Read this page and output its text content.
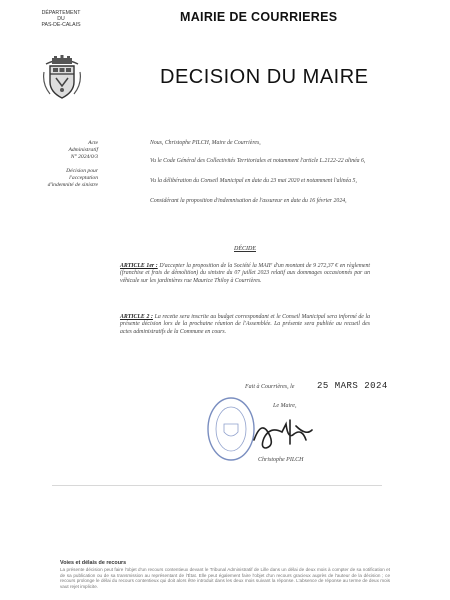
DÉPARTEMENT
DU
PAS-DE-CALAIS
MAIRIE DE COURRIERES
DECISION DU MAIRE
Acte
Administratif
N° 2024/0/3
Décision pour
l'acceptation
d'indemnité de sinistre
Nous, Christophe PILCH, Maire de Courrières,
Vu le Code Général des Collectivités Territoriales et notamment l'article L.2122-22 alinéa 6,
Vu la délibération du Conseil Municipal en date du 23 mai 2020 et notamment l'alinéa 5,
Considérant la proposition d'indemnisation de l'assureur en date du 16 février 2024,
DÉCIDE
ARTICLE 1er : D'accepter la proposition de la Société la MAIF d'un montant de 9 272,37 € en règlement (franchise et frais de démolition) du sinistre du 07 juillet 2023 relatif aux dommages occasionnés par un véhicule sur les jardinières rue Maurice Thiloy à Courrières.
ARTICLE 2 : La recette sera inscrite au budget correspondant et le Conseil Municipal sera informé de la présente décision lors de la prochaine réunion de l'Assemblée. La présente sera publiée au recueil des actes administratifs de la Commune en cours.
Fait à Courrières, le	25 MARS 2024
Le Maire,
Christophe PILCH
Voies et délais de recours
La présente décision peut faire l'objet d'un recours contentieux devant le Tribunal Administratif de Lille dans un délai de deux mois à compter de sa notification et de sa publication ou de sa transmission au représentant de l'État. Elle peut également faire l'objet d'un recours gracieux auprès de l'auteur de la décision ; ce recours prolonge le délai du recours contentieux qui doit alors être introduit dans les deux mois suivant la réponse. L'absence de réponse au terme de deux mois vaut rejet implicite.
